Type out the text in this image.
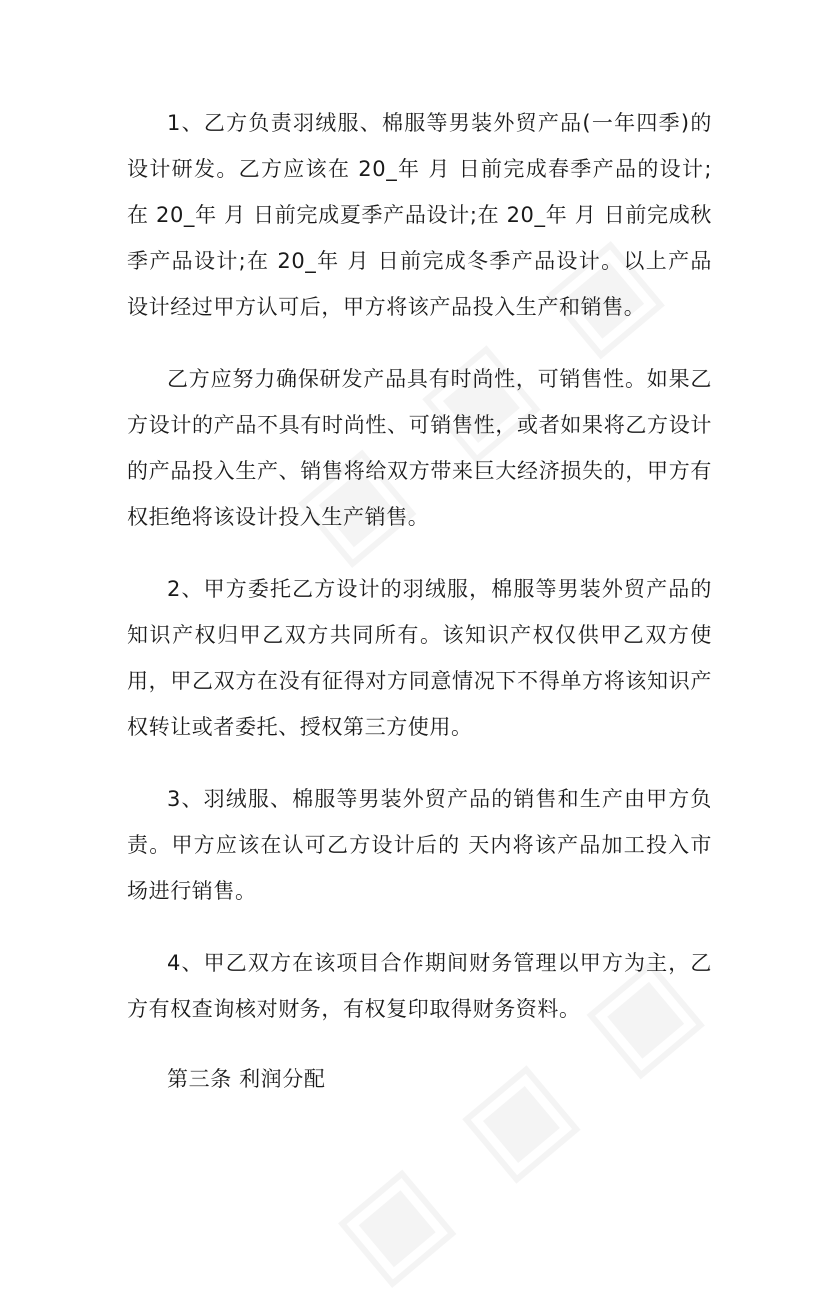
1、乙方负责羽绒服、棉服等男装外贸产品(一年四季)的设计研发。乙方应该在 20_年 月 日前完成春季产品的设计;在 20_年 月 日前完成夏季产品设计;在 20_年 月 日前完成秋季产品设计;在 20_年 月 日前完成冬季产品设计。以上产品设计经过甲方认可后，甲方将该产品投入生产和销售。

乙方应努力确保研发产品具有时尚性，可销售性。如果乙方设计的产品不具有时尚性、可销售性，或者如果将乙方设计的产品投入生产、销售将给双方带来巨大经济损失的，甲方有权拒绝将该设计投入生产销售。

2、甲方委托乙方设计的羽绒服，棉服等男装外贸产品的知识产权归甲乙双方共同所有。该知识产权仅供甲乙双方使用，甲乙双方在没有征得对方同意情况下不得单方将该知识产权转让或者委托、授权第三方使用。

3、羽绒服、棉服等男装外贸产品的销售和生产由甲方负责。甲方应该在认可乙方设计后的 天内将该产品加工投入市场进行销售。

4、甲乙双方在该项目合作期间财务管理以甲方为主，乙方有权查询核对财务，有权复印取得财务资料。

第三条 利润分配
